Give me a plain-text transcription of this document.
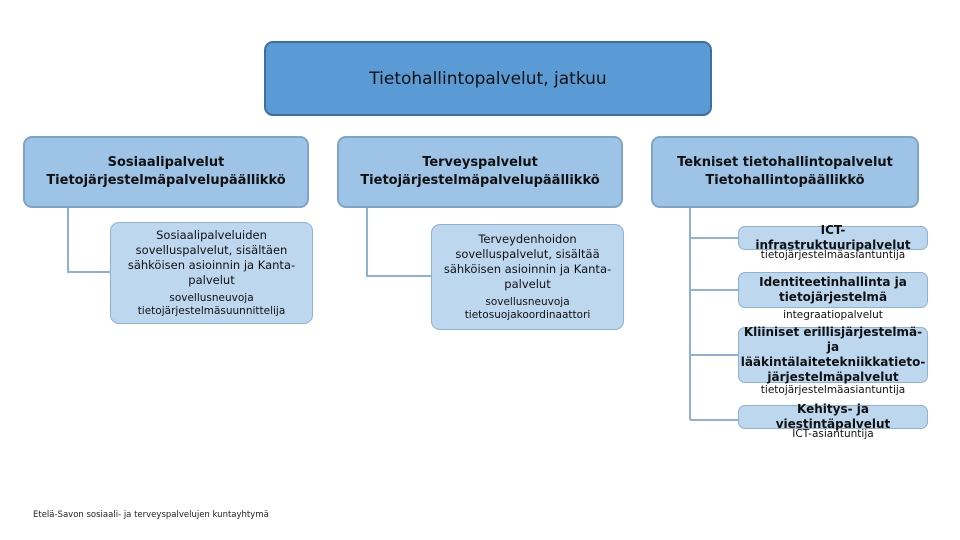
Tietohallintopalvelut, jatkuu
Sosiaalipalvelut
Tietojärjestelmäpalvelupäällikkö
Terveyspalvelut
Tietojärjestelmäpalvelupäällikkö
Tekniset tietohallintopalvelut
Tietohallintopäällikkö
Sosiaalipalveluiden sovelluspalvelut, sisältäen sähköisen asioinnin ja Kanta-palvelut
sovellusneuvoja tietojärjestelmäsuunnittelija
Terveydenhoidon sovelluspalvelut, sisältää sähköisen asioinnin ja Kanta-palvelut
sovellusneuvoja tietosuojakoordinaattori
ICT-infrastruktuuripalvelut
tietojärjestelmäasiantuntija
Identiteetinhallinta ja tietojärjestelmä
integraatiopalvelut
Kliiniset erillisjärjestelmä- ja lääkintälaitetekniikkatieto-järjestelmäpalvelut
tietojärjestelmäasiantuntija
Kehitys- ja viestintäpalvelut
ICT-asiantuntija
Etelä-Savon sosiaali- ja terveyspalvelujen kuntayhtymä
